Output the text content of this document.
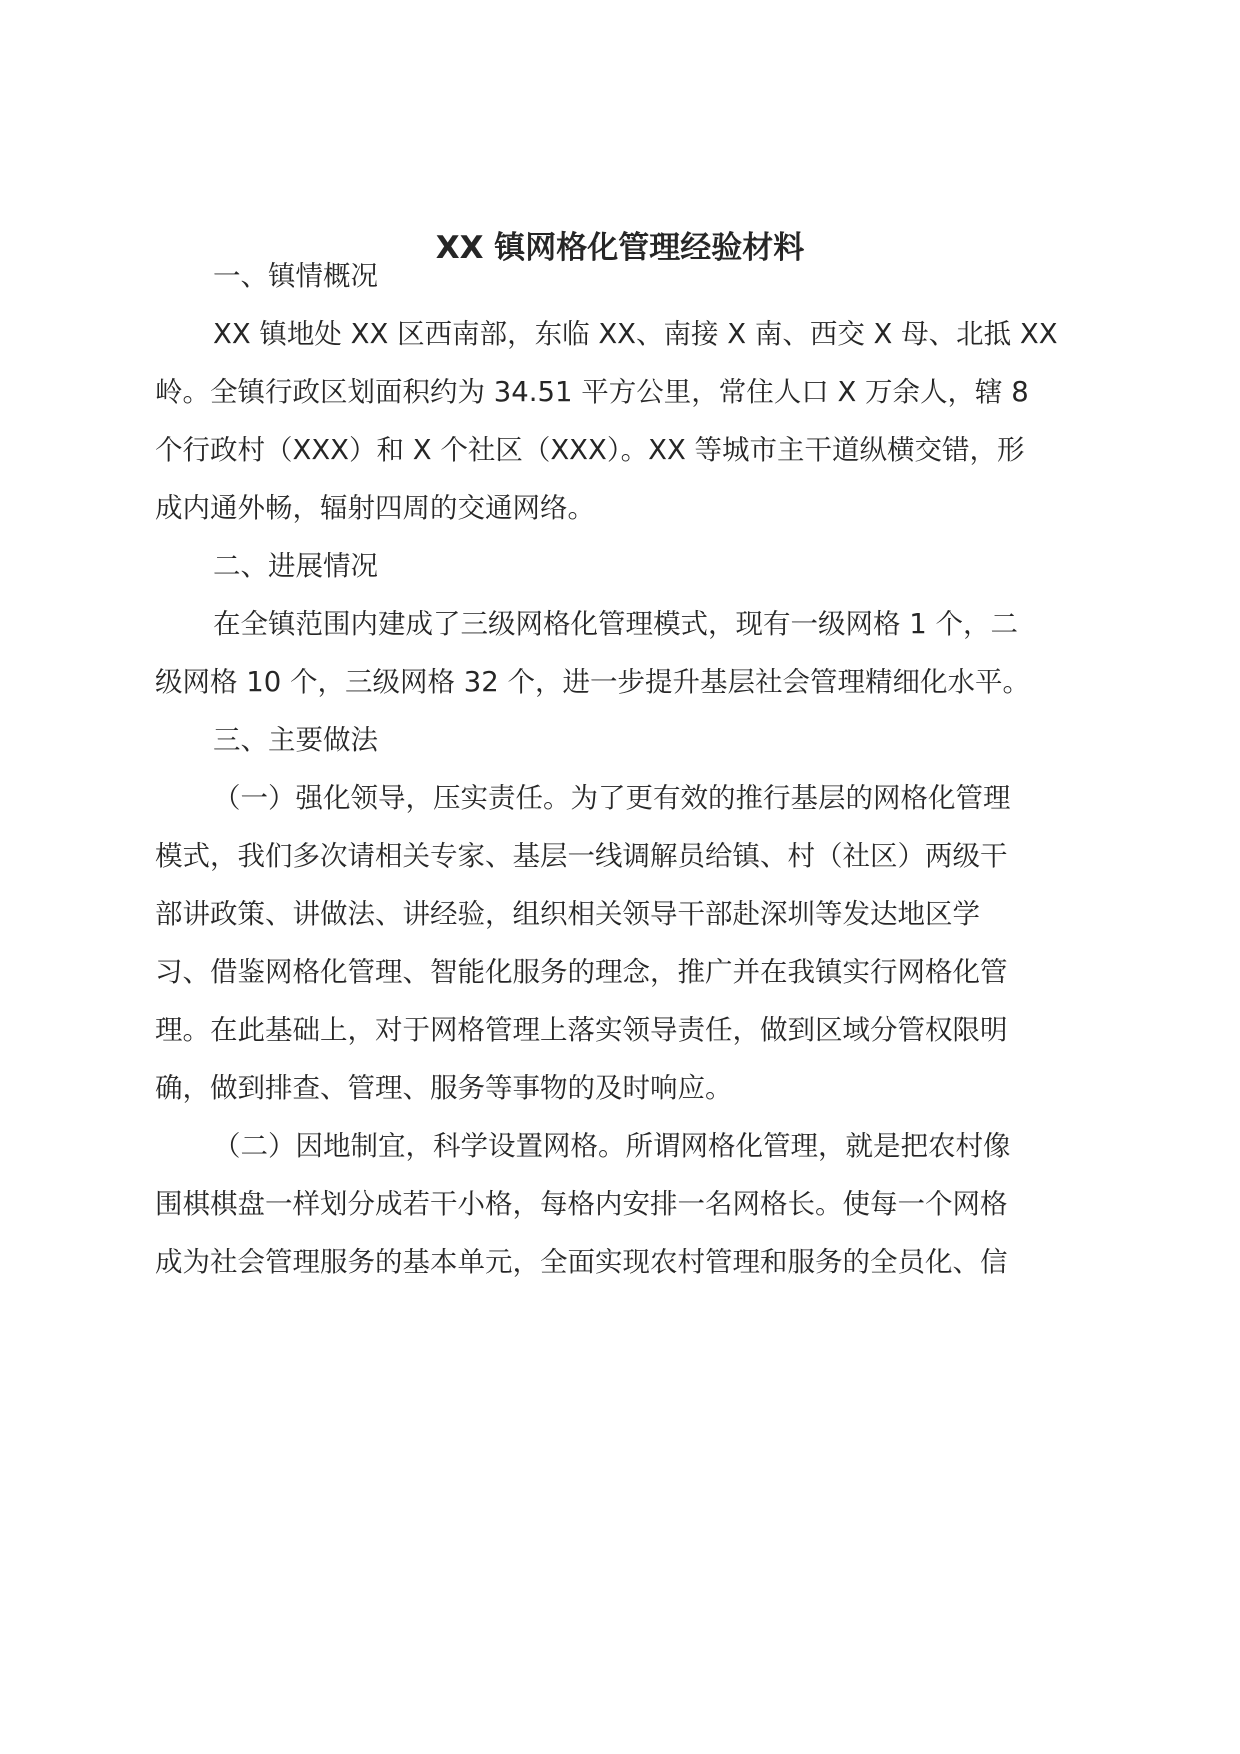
XX 镇网格化管理经验材料

一、镇情概况

XX 镇地处 XX 区西南部，东临 XX、南接 X 南、西交 X 母、北抵 XX

岭。全镇行政区划面积约为 34.51 平方公里，常住人口 X 万余人，辖 8

个行政村（XXX）和 X 个社区（XXX）。XX 等城市主干道纵横交错，形

成内通外畅，辐射四周的交通网络。

二、进展情况

在全镇范围内建成了三级网格化管理模式，现有一级网格 1 个，二

级网格 10 个，三级网格 32 个，进一步提升基层社会管理精细化水平。

三、主要做法

（一）强化领导，压实责任。为了更有效的推行基层的网格化管理

模式，我们多次请相关专家、基层一线调解员给镇、村（社区）两级干

部讲政策、讲做法、讲经验，组织相关领导干部赴深圳等发达地区学

习、借鉴网格化管理、智能化服务的理念，推广并在我镇实行网格化管

理。在此基础上，对于网格管理上落实领导责任，做到区域分管权限明

确，做到排查、管理、服务等事物的及时响应。

（二）因地制宜，科学设置网格。所谓网格化管理，就是把农村像

围棋棋盘一样划分成若干小格，每格内安排一名网格长。使每一个网格

成为社会管理服务的基本单元，全面实现农村管理和服务的全员化、信
